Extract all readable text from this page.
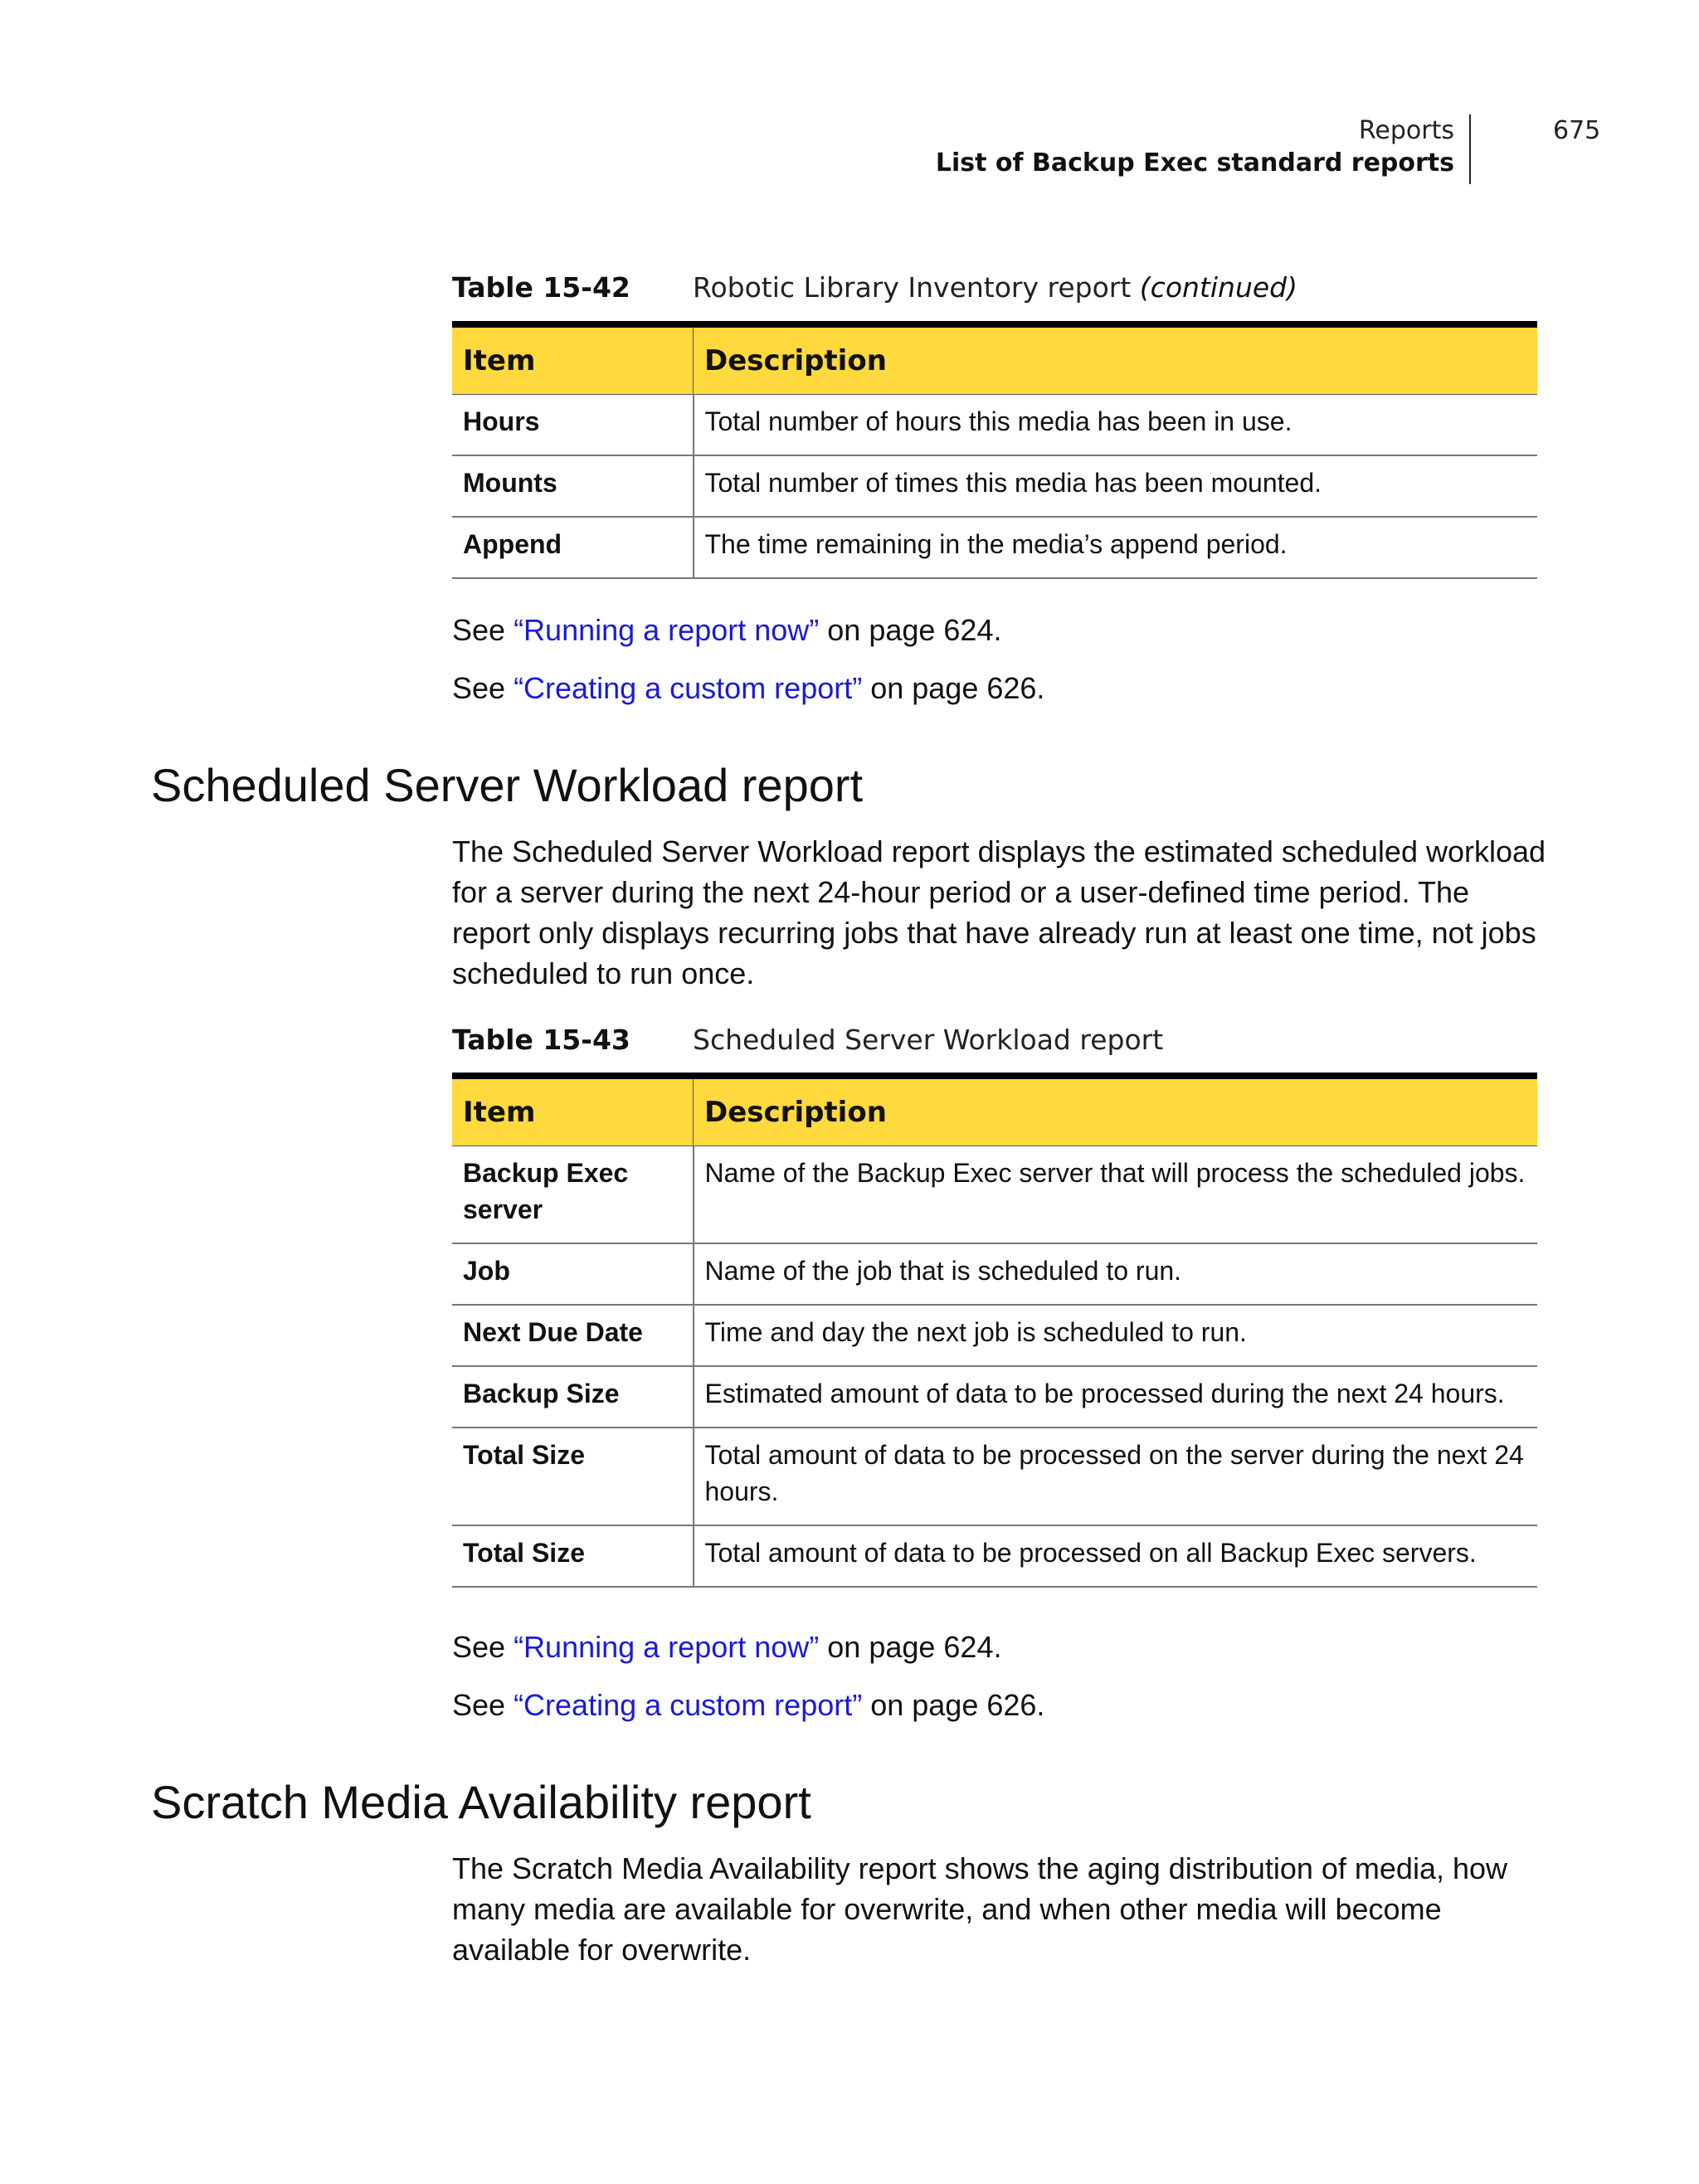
Reports
List of Backup Exec standard reports
675
Table 15-42 Robotic Library Inventory report (continued)
Item	Description
Hours	Total number of hours this media has been in use.
Mounts	Total number of times this media has been mounted.
Append	The time remaining in the media’s append period.
See “Running a report now” on page 624.
See “Creating a custom report” on page 626.
Scheduled Server Workload report

The Scheduled Server Workload report displays the estimated scheduled workload for a server during the next 24-hour period or a user-defined time period. The report only displays recurring jobs that have already run at least one time, not jobs scheduled to run once.

Table 15-43 Scheduled Server Workload report
Item	Description
Backup Exec server	Name of the Backup Exec server that will process the scheduled jobs.
Job	Name of the job that is scheduled to run.
Next Due Date	Time and day the next job is scheduled to run.
Backup Size	Estimated amount of data to be processed during the next 24 hours.
Total Size	Total amount of data to be processed on the server during the next 24 hours.
Total Size	Total amount of data to be processed on all Backup Exec servers.
See “Running a report now” on page 624.
See “Creating a custom report” on page 626.
Scratch Media Availability report

The Scratch Media Availability report shows the aging distribution of media, how many media are available for overwrite, and when other media will become available for overwrite.
